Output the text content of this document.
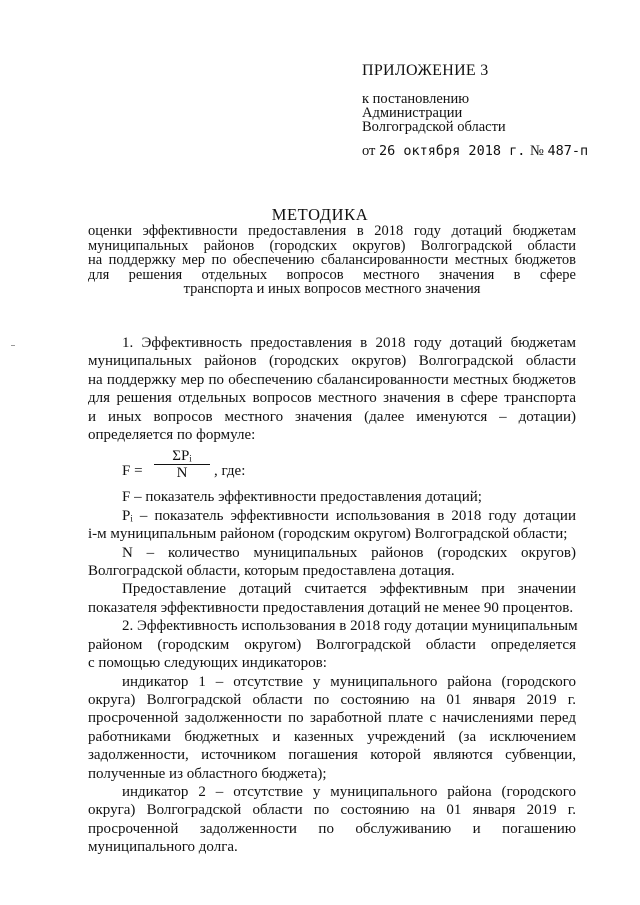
ПРИЛОЖЕНИЕ 3
к постановлению
Администрации
Волгоградской области
от 26 октября 2018 г. № 487-п
МЕТОДИКА
оценки эффективности предоставления в 2018 году дотаций бюджетам
муниципальных районов (городских округов) Волгоградской области
на поддержку мер по обеспечению сбалансированности местных бюджетов
для решения отдельных вопросов местного значения в сфере
транспорта и иных вопросов местного значения
1. Эффективность предоставления в 2018 году дотаций бюджетам
муниципальных районов (городских округов) Волгоградской области
на поддержку мер по обеспечению сбалансированности местных бюджетов
для решения отдельных вопросов местного значения в сфере транспорта
и иных вопросов местного значения (далее именуются – дотации)
определяется по формуле:
F =
ΣPᵢ
N	, где:
F – показатель эффективности предоставления дотаций;
Pᵢ – показатель эффективности использования в 2018 году дотации
i-м муниципальным районом (городским округом) Волгоградской области;
N – количество муниципальных районов (городских округов)
Волгоградской области, которым предоставлена дотация.
Предоставление дотаций считается эффективным при значении
показателя эффективности предоставления дотаций не менее 90 процентов.
2. Эффективность использования в 2018 году дотации муниципальным
районом (городским округом) Волгоградской области определяется
с помощью следующих индикаторов:
индикатор 1 – отсутствие у муниципального района (городского
округа) Волгоградской области по состоянию на 01 января 2019 г.
просроченной задолженности по заработной плате с начислениями перед
работниками бюджетных и казенных учреждений (за исключением
задолженности, источником погашения которой являются субвенции,
полученные из областного бюджета);
индикатор 2 – отсутствие у муниципального района (городского
округа) Волгоградской области по состоянию на 01 января 2019 г.
просроченной задолженности по обслуживанию и погашению
муниципального долга.
